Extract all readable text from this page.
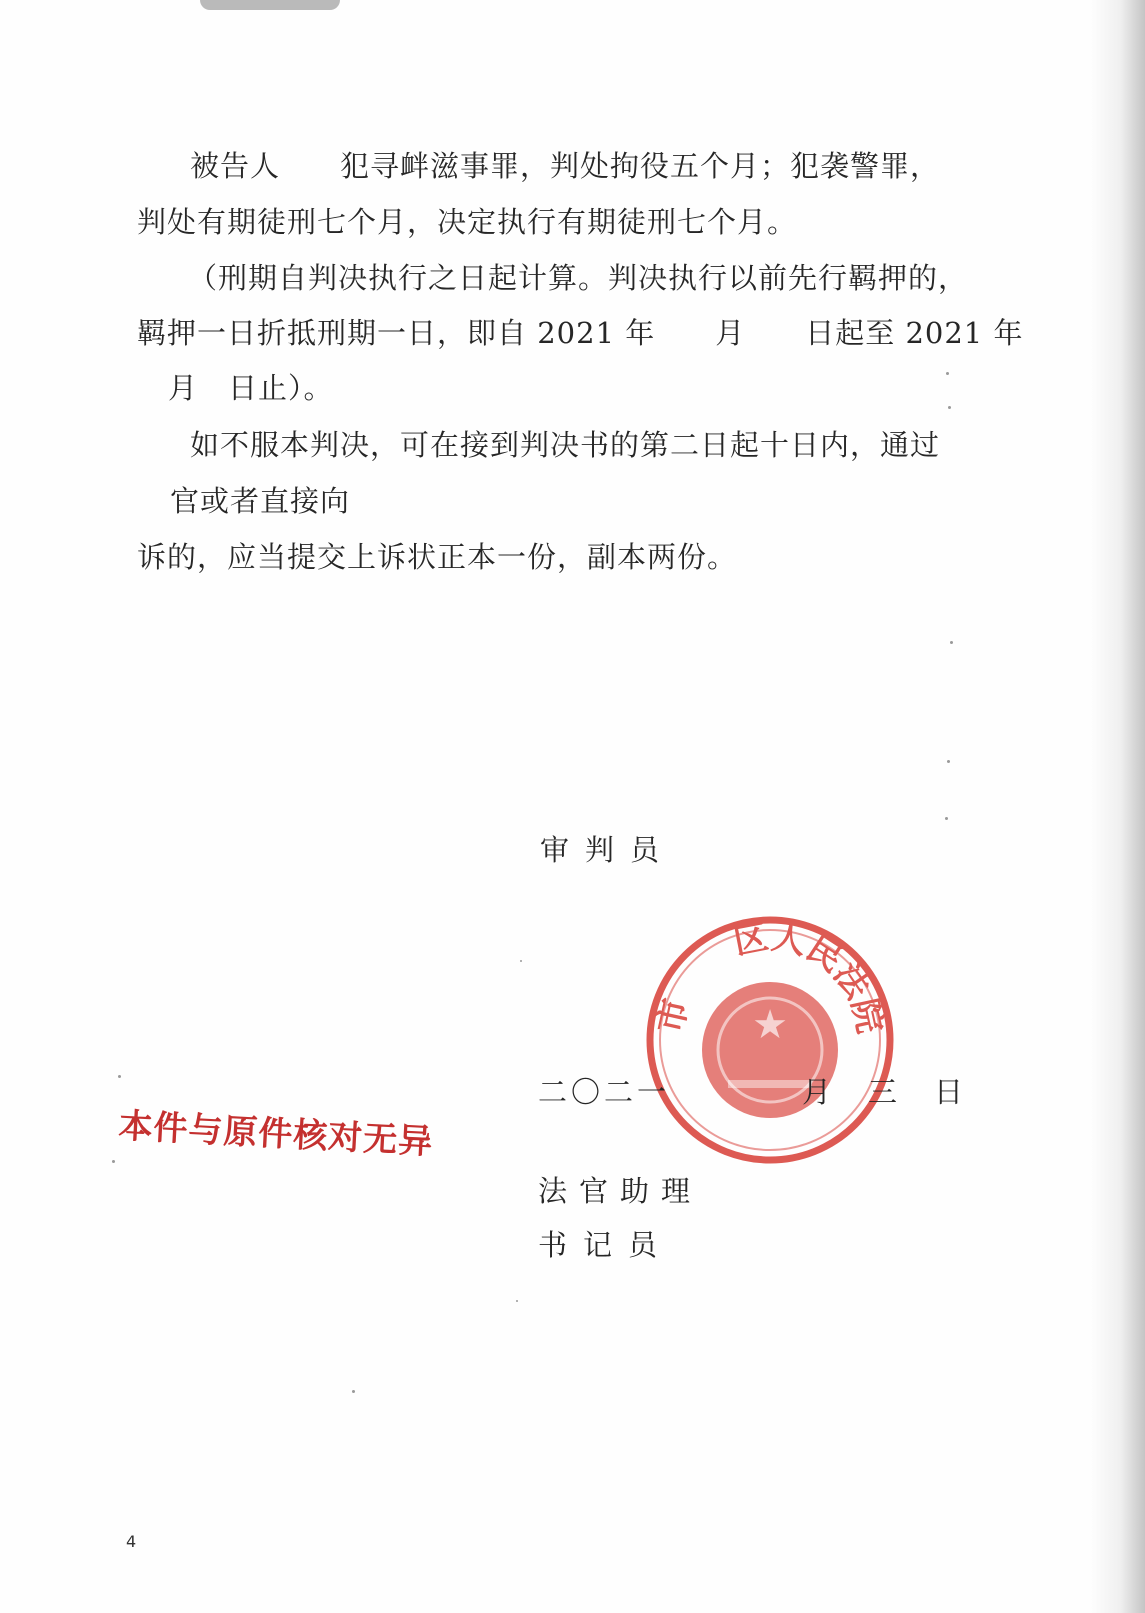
被告人　　犯寻衅滋事罪，判处拘役五个月；犯袭警罪，

判处有期徒刑七个月，决定执行有期徒刑七个月。

（刑期自判决执行之日起计算。判决执行以前先行羁押的，

羁押一日折抵刑期一日，即自 2021 年　　月　　日起至 2021 年

月　日止）。

如不服本判决，可在接到判决书的第二日起十日内，通过

官或者直接向

诉的，应当提交上诉状正本一份，副本两份。

审判员

市　　区人民法院
★

二〇二一　　　　月　三　日

法官助理

书记员

本件与原件核对无异
4
